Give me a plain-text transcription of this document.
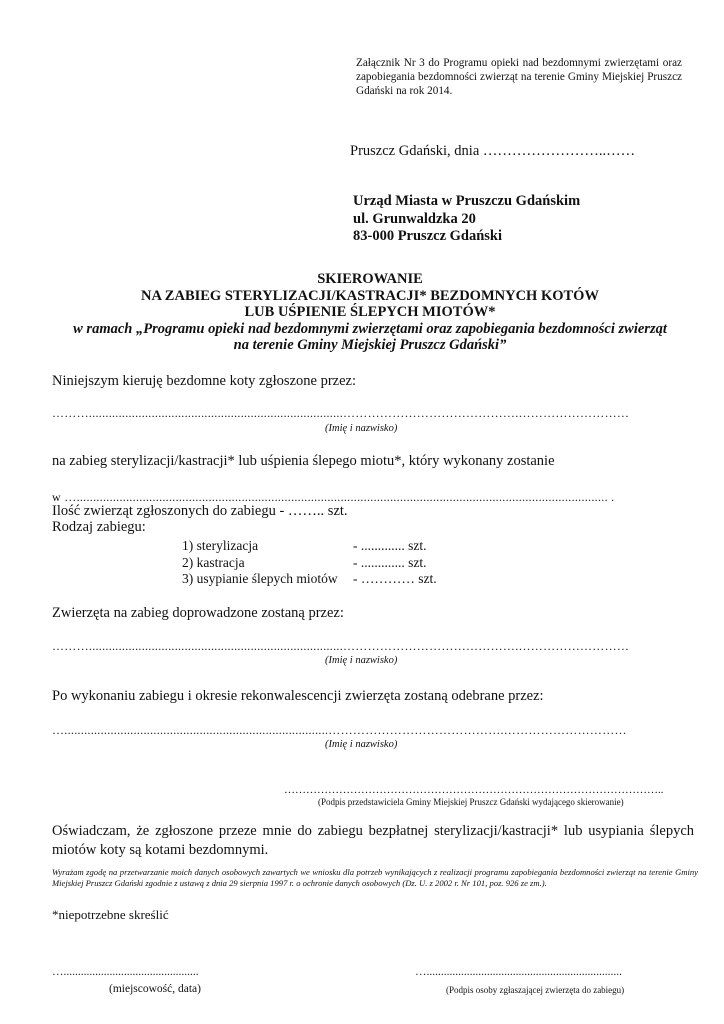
Załącznik Nr 3 do Programu opieki nad bezdomnymi zwierzętami oraz zapobiegania bezdomności zwierząt na terenie Gminy Miejskiej Pruszcz Gdański na rok 2014.
Pruszcz Gdański, dnia ……………………..……
Urząd Miasta w Pruszczu Gdańskim
ul. Grunwaldzka 20
83-000 Pruszcz Gdański
SKIEROWANIE
NA ZABIEG STERYLIZACJI/KASTRACJI* BEZDOMNYCH KOTÓW
LUB UŚPIENIE ŚLEPYCH MIOTÓW*
w ramach „Programu opieki nad bezdomnymi zwierzętami oraz zapobiegania bezdomności zwierząt
na terenie Gminy Miejskiej Pruszcz Gdański”
Niniejszym kieruję bezdomne koty zgłoszone przez:
……….............................................................................…………………………………….………………………
(Imię i nazwisko)
na zabieg sterylizacji/kastracji* lub uśpienia ślepego miotu*, który wykonany zostanie
w …................................................................................................................................................................. .
Ilość zwierząt zgłoszonych do zabiegu - …….. szt.
Rodzaj zabiegu:
1) sterylizacja	- ............. szt.
2) kastracja	- ............. szt.
3) usypianie ślepych miotów - ………… szt.
Zwierzęta na zabieg doprowadzone zostaną przez:
……….............................................................................…………………………………….………………………
(Imię i nazwisko)
Po wykonaniu zabiegu i okresie rekonwalescencji zwierzęta zostaną odebrane przez:
…................................................................................…………………………………….…………………………
(Imię i nazwisko)
…………………………………………………………………………………………..
(Podpis przedstawiciela Gminy Miejskiej Pruszcz Gdański wydającego skierowanie)
Oświadczam, że zgłoszone przeze mnie do zabiegu bezpłatnej sterylizacji/kastracji* lub usypiania ślepych miotów koty są kotami bezdomnymi.
Wyrażam zgodę na przetwarzanie moich danych osobowych zawartych we wniosku dla potrzeb wynikających z realizacji programu zapobiegania bezdomności zwierząt na terenie Gminy Miejskiej Pruszcz Gdański zgodnie z ustawą z dnia 29 sierpnia 1997 r. o ochronie danych osobowych (Dz. U. z 2002 r. Nr 101, poz. 926 ze zm.).
*niepotrzebne skreślić
…...............................................
(miejscowość, data)
…....................................................................
(Podpis osoby zgłaszającej zwierzęta do zabiegu)
